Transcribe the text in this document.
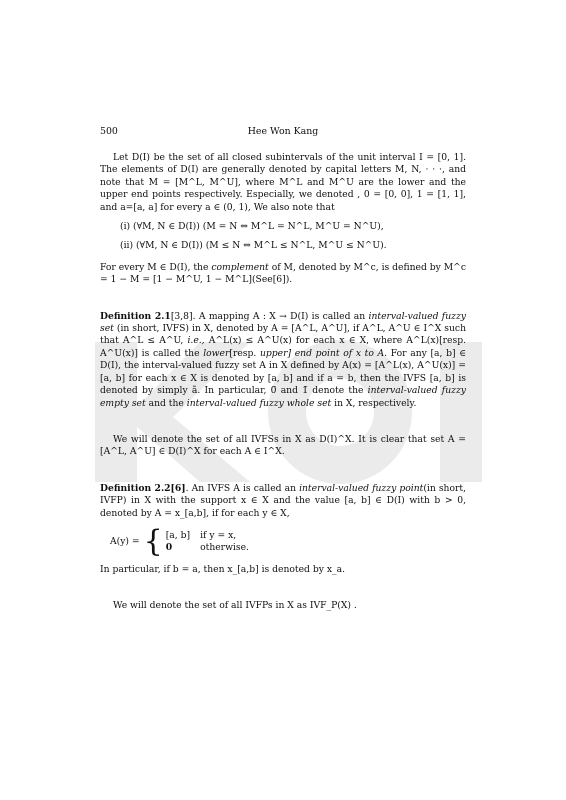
500	Hee Won Kang

Let D(I) be the set of all closed subintervals of the unit interval I = [0, 1]. The elements of D(I) are generally denoted by capital letters M, N, · · ·, and note that M = [M^L, M^U], where M^L and M^U are the lower and the upper end points respectively. Especially, we denoted , 0 = [0, 0], 1 = [1, 1], and a=[a, a] for every a ∈ (0, 1), We also note that

(i) (∀M, N ∈ D(I)) (M = N ⇔ M^L = N^L, M^U = N^U),

(ii) (∀M, N ∈ D(I)) (M ≤ N ⇔ M^L ≤ N^L, M^U ≤ N^U).

For every M ∈ D(I), the complement of M, denoted by M^c, is defined by M^c = 1 − M = [1 − M^U, 1 − M^L](See[6]).

Definition 2.1[3,8]. A mapping A : X → D(I) is called an interval-valued fuzzy set (in short, IVFS) in X, denoted by A = [A^L, A^U], if A^L, A^U ∈ I^X such that A^L ≤ A^U, i.e., A^L(x) ≤ A^U(x) for each x ∈ X, where A^L(x)[resp. A^U(x)] is called the lower[resp. upper] end point of x to A. For any [a, b] ∈ D(I), the interval-valued fuzzy set A in X defined by A(x) = [A^L(x), A^U(x)] = [a, b] for each x ∈ X is denoted by [a, b] and if a = b, then the IVFS [a, b] is denoted by simply ã. In particular, 0̃ and 1̃ denote the interval-valued fuzzy empty set and the interval-valued fuzzy whole set in X, respectively.

We will denote the set of all IVFSs in X as D(I)^X. It is clear that set A = [A^L, A^U] ∈ D(I)^X for each A ∈ I^X.

Definition 2.2[6]. An IVFS A is called an interval-valued fuzzy point(in short, IVFP) in X with the support x ∈ X and the value [a, b] ∈ D(I) with b > 0, denoted by A = x_[a,b], if for each y ∈ X,

A(y) = { [a, b]	if y = x,
0	otherwise.

In particular, if b = a, then x_[a,b] is denoted by x_a.

We will denote the set of all IVFPs in X as IVF_P(X) .
